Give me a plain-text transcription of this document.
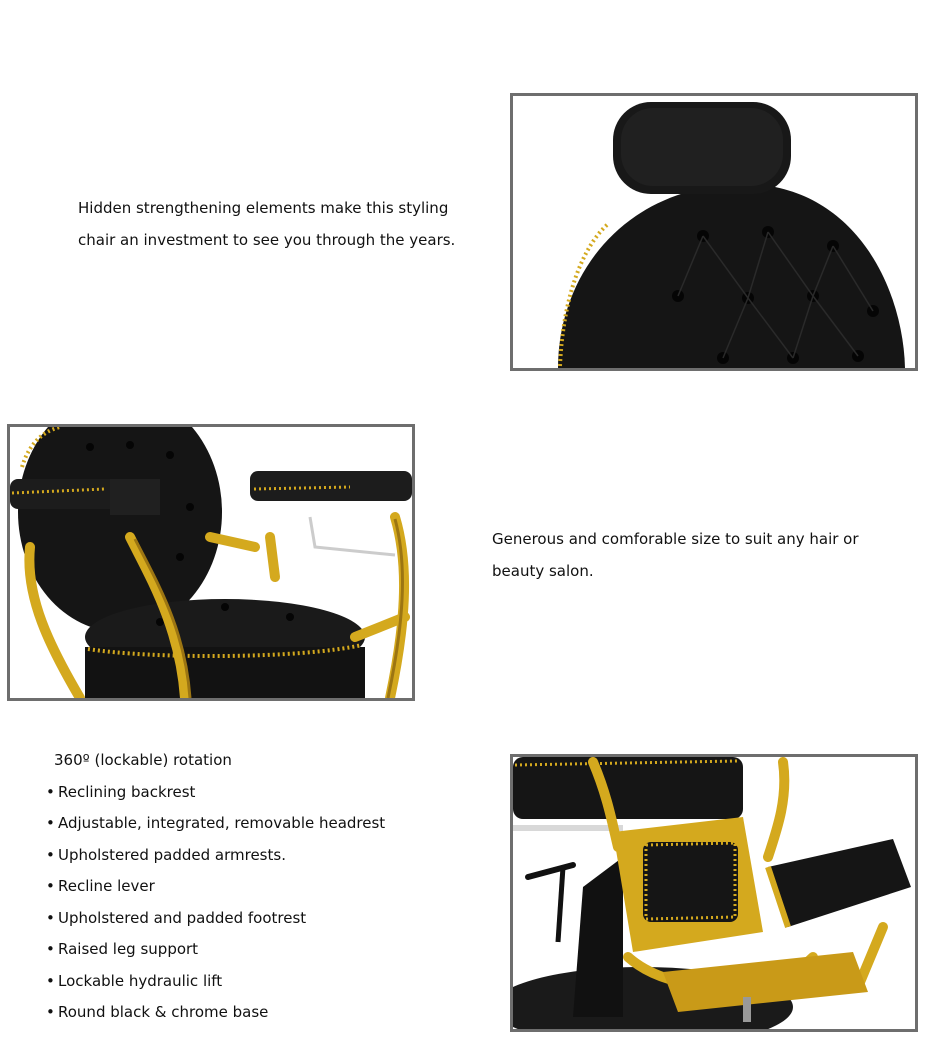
Hidden strengthening elements make this styling chair an investment to see you through the years.
Generous and comforable size to suit any hair or beauty salon.
360º (lockable) rotation
• Reclining backrest
• Adjustable, integrated, removable headrest
• Upholstered padded armrests.
• Recline lever
• Upholstered and padded footrest
• Raised leg support
• Lockable hydraulic lift
• Round black & chrome base
